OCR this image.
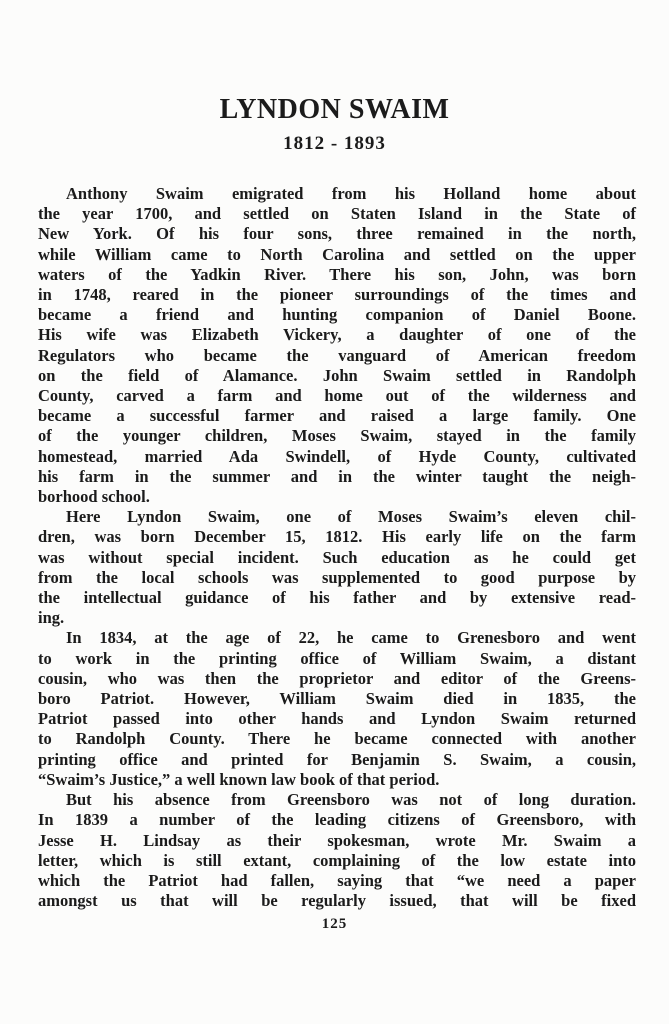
LYNDON SWAIM
1812 - 1893
Anthony Swaim emigrated from his Holland home about
the year 1700, and settled on Staten Island in the State of
New York. Of his four sons, three remained in the north,
while William came to North Carolina and settled on the upper
waters of the Yadkin River. There his son, John, was born
in 1748, reared in the pioneer surroundings of the times and
became a friend and hunting companion of Daniel Boone.
His wife was Elizabeth Vickery, a daughter of one of the
Regulators who became the vanguard of American freedom
on the field of Alamance. John Swaim settled in Randolph
County, carved a farm and home out of the wilderness and
became a successful farmer and raised a large family. One
of the younger children, Moses Swaim, stayed in the family
homestead, married Ada Swindell, of Hyde County, cultivated
his farm in the summer and in the winter taught the neigh-
borhood school.
Here Lyndon Swaim, one of Moses Swaim’s eleven chil-
dren, was born December 15, 1812. His early life on the farm
was without special incident. Such education as he could get
from the local schools was supplemented to good purpose by
the intellectual guidance of his father and by extensive read-
ing.
In 1834, at the age of 22, he came to Grenesboro and went
to work in the printing office of William Swaim, a distant
cousin, who was then the proprietor and editor of the Greens-
boro Patriot. However, William Swaim died in 1835, the
Patriot passed into other hands and Lyndon Swaim returned
to Randolph County. There he became connected with another
printing office and printed for Benjamin S. Swaim, a cousin,
“Swaim’s Justice,” a well known law book of that period.
But his absence from Greensboro was not of long duration.
In 1839 a number of the leading citizens of Greensboro, with
Jesse H. Lindsay as their spokesman, wrote Mr. Swaim a
letter, which is still extant, complaining of the low estate into
which the Patriot had fallen, saying that “we need a paper
amongst us that will be regularly issued, that will be fixed
125
